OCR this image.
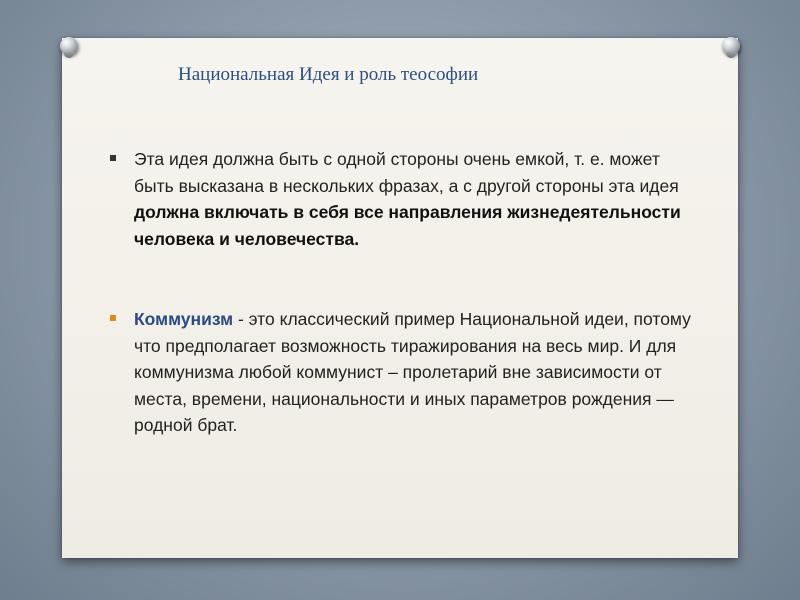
Национальная Идея и роль теософии
Эта идея должна быть с одной стороны очень емкой, т. е. может быть высказана в нескольких фразах, а с другой стороны эта идея должна включать в себя все направления жизнедеятельности человека и человечества.
Коммунизм - это классический пример Национальной идеи, потому что предполагает возможность тиражирования на весь мир. И для коммунизма любой коммунист – пролетарий вне зависимости от места, времени, национальности и иных параметров рождения — родной брат.
